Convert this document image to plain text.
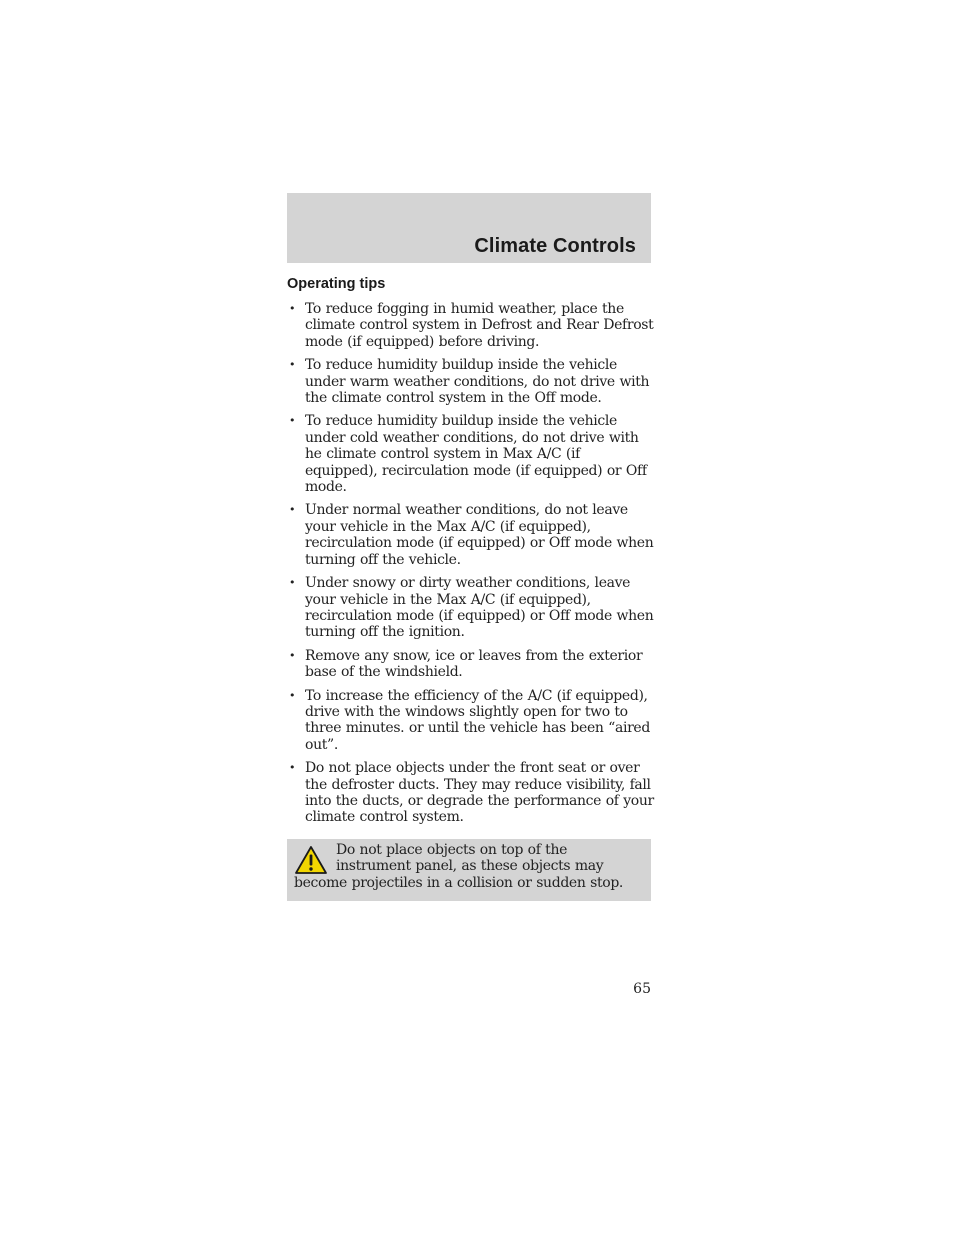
Climate Controls
Operating tips
• To reduce fogging in humid weather, place the climate control system in Defrost and Rear Defrost mode (if equipped) before driving.
• To reduce humidity buildup inside the vehicle under warm weather conditions, do not drive with the climate control system in the Off mode.
• To reduce humidity buildup inside the vehicle under cold weather conditions, do not drive with he climate control system in Max A/C (if equipped), recirculation mode (if equipped) or Off mode.
• Under normal weather conditions, do not leave your vehicle in the Max A/C (if equipped), recirculation mode (if equipped) or Off mode when turning off the vehicle.
• Under snowy or dirty weather conditions, leave your vehicle in the Max A/C (if equipped), recirculation mode (if equipped) or Off mode when turning off the ignition.
• Remove any snow, ice or leaves from the exterior base of the windshield.
• To increase the efficiency of the A/C (if equipped), drive with the windows slightly open for two to three minutes. or until the vehicle has been “aired out”.
• Do not place objects under the front seat or over the defroster ducts. They may reduce visibility, fall into the ducts, or degrade the performance of your climate control system.

Do not place objects on top of the instrument panel, as these objects may become projectiles in a collision or sudden stop.

65
